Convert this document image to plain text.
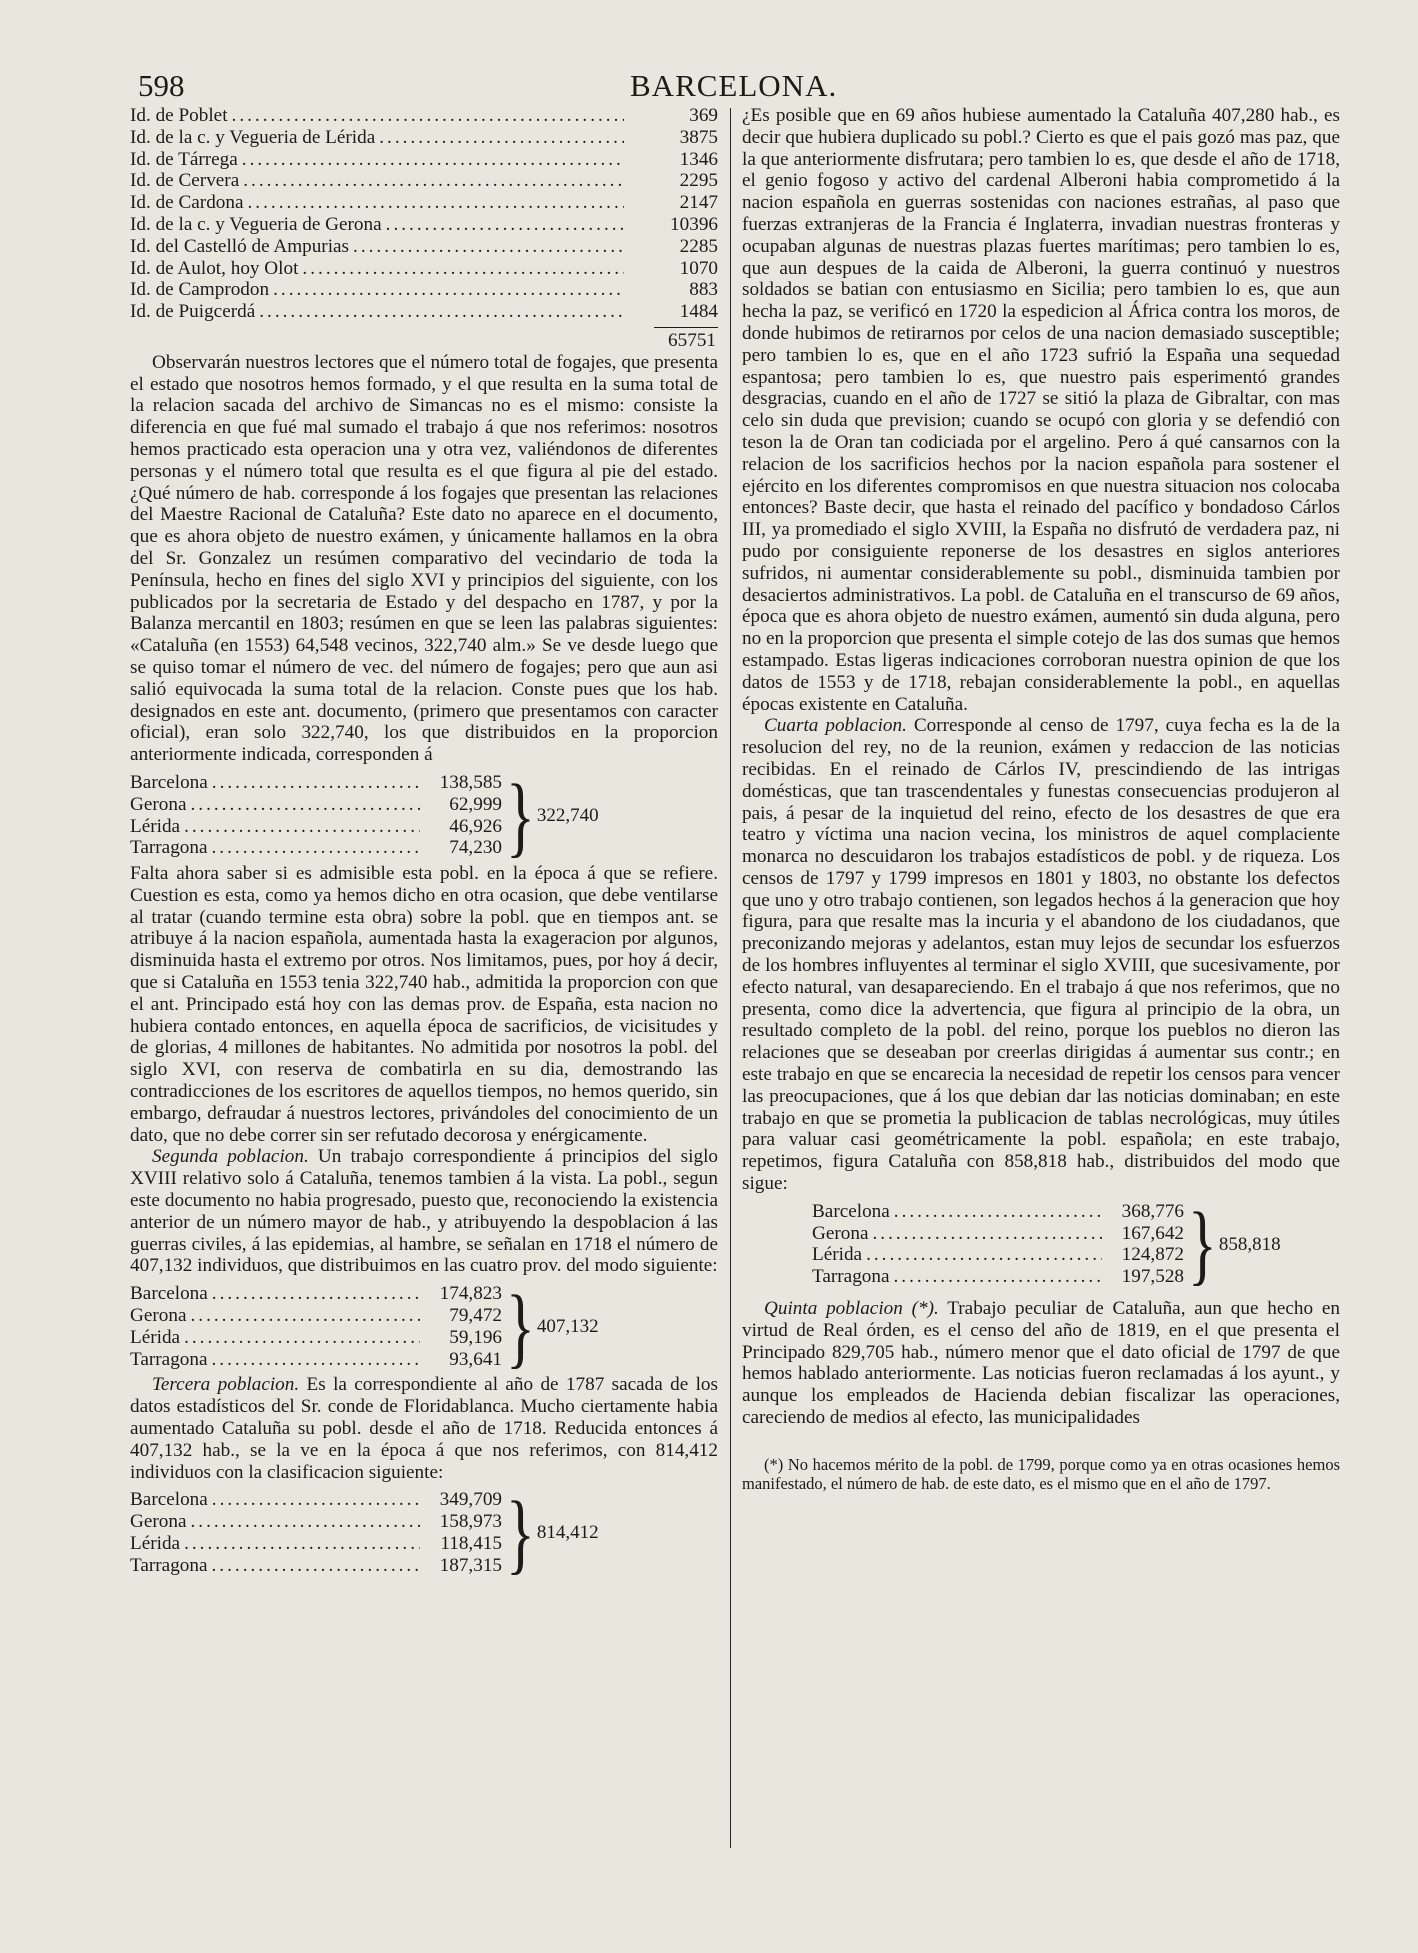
598	BARCELONA.
Id. de Poblet .....	369
Id. de la c. y Vegueria de Lérida .....	3875
Id. de Tárrega .....	1346
Id. de Cervera .....	2295
Id. de Cardona .....	2147
Id. de la c. y Vegueria de Gerona .....	10396
Id. del Castelló de Ampurias .....	2285
Id. de Aulot, hoy Olot .....	1070
Id. de Camprodon .....	883
Id. de Puigcerdá .....	1484
65751

Observarán nuestros lectores que el número total de fogajes, que presenta el estado que nosotros hemos formado, y el que resulta en la suma total de la relacion sacada del archivo de Simancas no es el mismo: consiste la diferencia en que fué mal sumado el trabajo á que nos referimos: nosotros hemos practicado esta operacion una y otra vez, valiéndonos de diferentes personas y el número total que resulta es el que figura al pie del estado. ¿Qué número de hab. corresponde á los fogajes que presentan las relaciones del Maestre Racional de Cataluña? Este dato no aparece en el documento, que es ahora objeto de nuestro exámen, y únicamente hallamos en la obra del Sr. Gonzalez un resúmen comparativo del vecindario de toda la Península, hecho en fines del siglo XVI y principios del siguiente, con los publicados por la secretaria de Estado y del despacho en 1787, y por la Balanza mercantil en 1803; resúmen en que se leen las palabras siguientes: «Cataluña (en 1553) 64,548 vecinos, 322,740 alm.» Se ve desde luego que se quiso tomar el número de vec. del número de fogajes; pero que aun asi salió equivocada la suma total de la relacion. Conste pues que los hab. designados en este ant. documento, (primero que presentamos con caracter oficial), eran solo 322,740, los que distribuidos en la proporcion anteriormente indicada, corresponden á

Barcelona .....	138,585
Gerona .....	62,999
Lérida .....	46,926
Tarragona .....	74,230 } 322,740

Falta ahora saber si es admisible esta pobl. en la época á que se refiere. Cuestion es esta, como ya hemos dicho en otra ocasion, que debe ventilarse al tratar (cuando termine esta obra) sobre la pobl. que en tiempos ant. se atribuye á la nacion española, aumentada hasta la exageracion por algunos, disminuida hasta el extremo por otros. Nos limitamos, pues, por hoy á decir, que si Cataluña en 1553 tenia 322,740 hab., admitida la proporcion con que el ant. Principado está hoy con las demas prov. de España, esta nacion no hubiera contado entonces, en aquella época de sacrificios, de vicisitudes y de glorias, 4 millones de habitantes. No admitida por nosotros la pobl. del siglo XVI, con reserva de combatirla en su dia, demostrando las contradicciones de los escritores de aquellos tiempos, no hemos querido, sin embargo, defraudar á nuestros lectores, privándoles del conocimiento de un dato, que no debe correr sin ser refutado decorosa y enérgicamente.

Segunda poblacion. Un trabajo correspondiente á principios del siglo XVIII relativo solo á Cataluña, tenemos tambien á la vista. La pobl., segun este documento no habia progresado, puesto que, reconociendo la existencia anterior de un número mayor de hab., y atribuyendo la despoblacion á las guerras civiles, á las epidemias, al hambre, se señalan en 1718 el número de 407,132 individuos, que distribuimos en las cuatro prov. del modo siguiente:

Barcelona .....	174,823
Gerona .....	79,472
Lérida .....	59,196
Tarragona .....	93,641 } 407,132

Tercera poblacion. Es la correspondiente al año de 1787 sacada de los datos estadísticos del Sr. conde de Floridablanca. Mucho ciertamente habia aumentado Cataluña su pobl. desde el año de 1718. Reducida entonces á 407,132 hab., se la ve en la época á que nos referimos, con 814,412 individuos con la clasificacion siguiente:

Barcelona .....	349,709
Gerona .....	158,973
Lérida .....	118,415
Tarragona .....	187,315 } 814,412

¿Es posible que en 69 años hubiese aumentado la Cataluña 407,280 hab., es decir que hubiera duplicado su pobl.? Cierto es que el pais gozó mas paz, que la que anteriormente disfrutara; pero tambien lo es, que desde el año de 1718, el genio fogoso y activo del cardenal Alberoni habia comprometido á la nacion española en guerras sostenidas con naciones estrañas, al paso que fuerzas extranjeras de la Francia é Inglaterra, invadian nuestras fronteras y ocupaban algunas de nuestras plazas fuertes marítimas; pero tambien lo es, que aun despues de la caida de Alberoni, la guerra continuó y nuestros soldados se batian con entusiasmo en Sicilia; pero tambien lo es, que aun hecha la paz, se verificó en 1720 la espedicion al África contra los moros, de donde hubimos de retirarnos por celos de una nacion demasiado susceptible; pero tambien lo es, que en el año 1723 sufrió la España una sequedad espantosa; pero tambien lo es, que nuestro pais esperimentó grandes desgracias, cuando en el año de 1727 se sitió la plaza de Gibraltar, con mas celo sin duda que prevision; cuando se ocupó con gloria y se defendió con teson la de Oran tan codiciada por el argelino. Pero á qué cansarnos con la relacion de los sacrificios hechos por la nacion española para sostener el ejército en los diferentes compromisos en que nuestra situacion nos colocaba entonces? Baste decir, que hasta el reinado del pacífico y bondadoso Cárlos III, ya promediado el siglo XVIII, la España no disfrutó de verdadera paz, ni pudo por consiguiente reponerse de los desastres en siglos anteriores sufridos, ni aumentar considerablemente su pobl., disminuida tambien por desaciertos administrativos. La pobl. de Cataluña en el transcurso de 69 años, época que es ahora objeto de nuestro exámen, aumentó sin duda alguna, pero no en la proporcion que presenta el simple cotejo de las dos sumas que hemos estampado. Estas ligeras indicaciones corroboran nuestra opinion de que los datos de 1553 y de 1718, rebajan considerablemente la pobl., en aquellas épocas existente en Cataluña.

Cuarta poblacion. Corresponde al censo de 1797, cuya fecha es la de la resolucion del rey, no de la reunion, exámen y redaccion de las noticias recibidas. En el reinado de Cárlos IV, prescindiendo de las intrigas domésticas, que tan trascendentales y funestas consecuencias produjeron al pais, á pesar de la inquietud del reino, efecto de los desastres de que era teatro y víctima una nacion vecina, los ministros de aquel complaciente monarca no descuidaron los trabajos estadísticos de pobl. y de riqueza. Los censos de 1797 y 1799 impresos en 1801 y 1803, no obstante los defectos que uno y otro trabajo contienen, son legados hechos á la generacion que hoy figura, para que resalte mas la incuria y el abandono de los ciudadanos, que preconizando mejoras y adelantos, estan muy lejos de secundar los esfuerzos de los hombres influyentes al terminar el siglo XVIII, que sucesivamente, por efecto natural, van desapareciendo. En el trabajo á que nos referimos, que no presenta, como dice la advertencia, que figura al principio de la obra, un resultado completo de la pobl. del reino, porque los pueblos no dieron las relaciones que se deseaban por creerlas dirigidas á aumentar sus contr.; en este trabajo en que se encarecia la necesidad de repetir los censos para vencer las preocupaciones, que á los que debian dar las noticias dominaban; en este trabajo en que se prometia la publicacion de tablas necrológicas, muy útiles para valuar casi geométricamente la pobl. española; en este trabajo, repetimos, figura Cataluña con 858,818 hab., distribuidos del modo que sigue:

Barcelona .....	368,776
Gerona .....	167,642
Lérida .....	124,872
Tarragona .....	197,528 } 858,818

Quinta poblacion (*). Trabajo peculiar de Cataluña, aun que hecho en virtud de Real órden, es el censo del año de 1819, en el que presenta el Principado 829,705 hab., número menor que el dato oficial de 1797 de que hemos hablado anteriormente. Las noticias fueron reclamadas á los ayunt., y aunque los empleados de Hacienda debian fiscalizar las operaciones, careciendo de medios al efecto, las municipalidades

(*) No hacemos mérito de la pobl. de 1799, porque como ya en otras ocasiones hemos manifestado, el número de hab. de este dato, es el mismo que en el año de 1797.
